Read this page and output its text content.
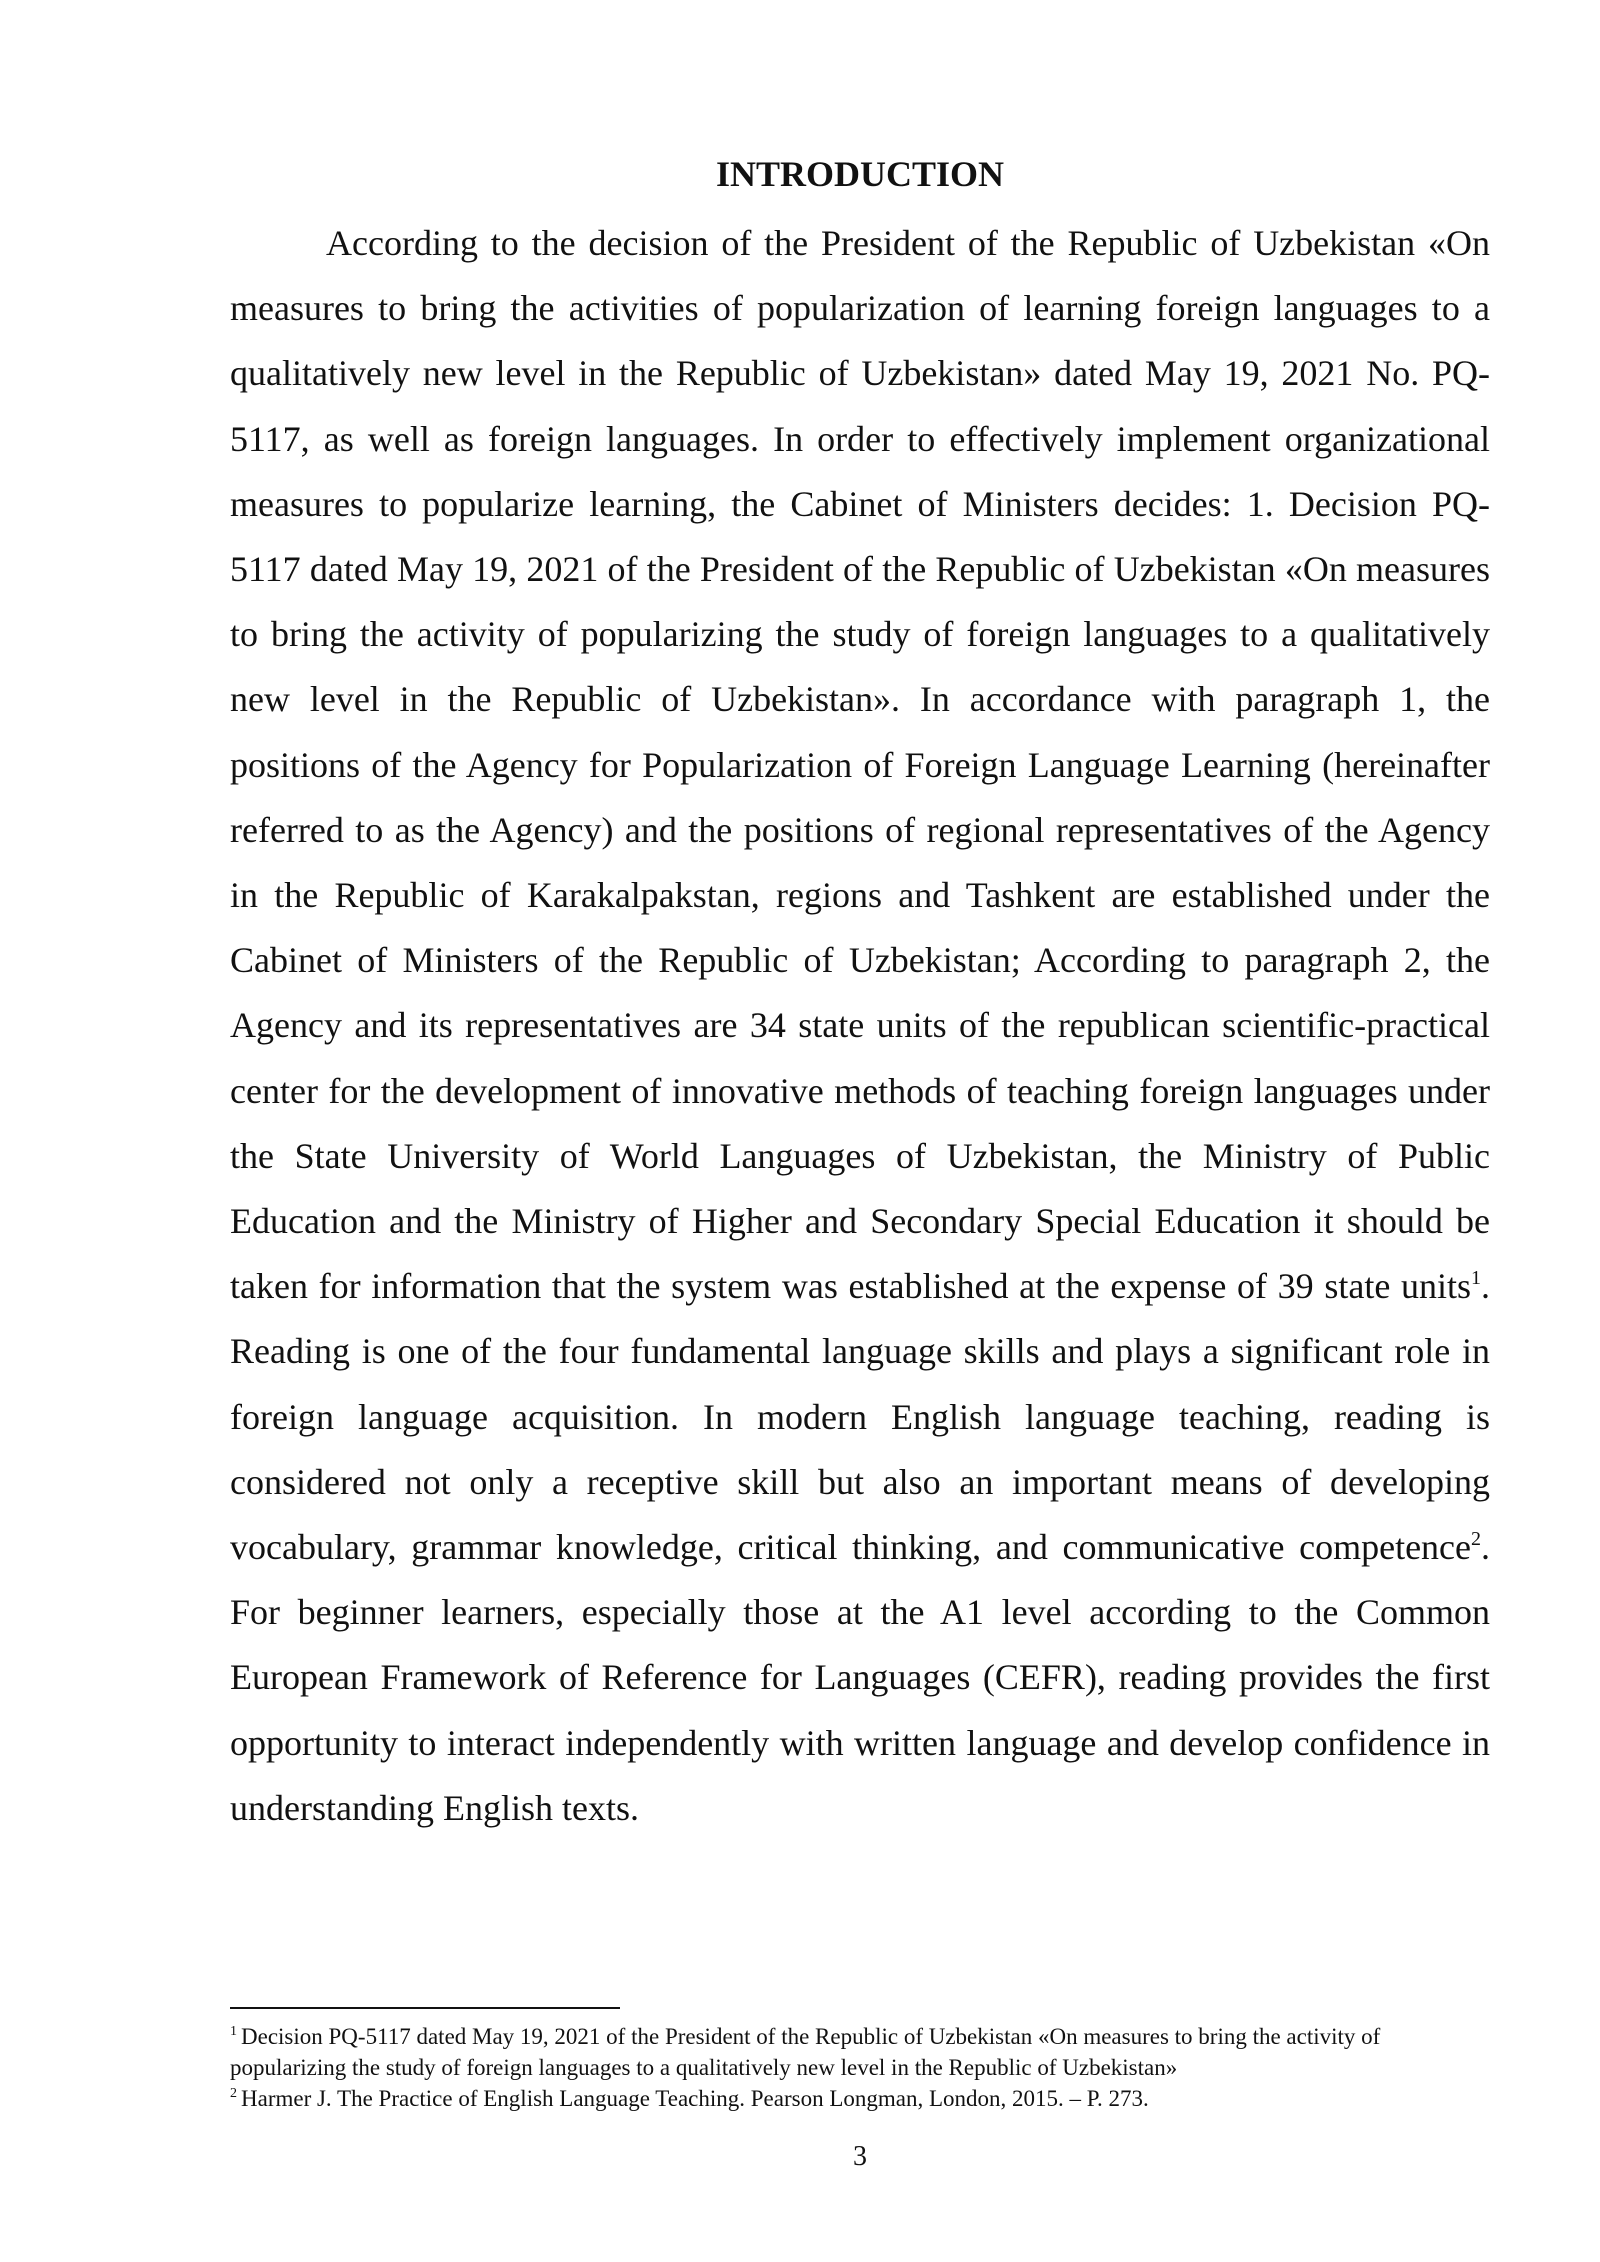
INTRODUCTION

According to the decision of the President of the Republic of Uzbekistan «On measures to bring the activities of popularization of learning foreign languages to a qualitatively new level in the Republic of Uzbekistan» dated May 19, 2021 No. PQ-5117, as well as foreign languages. In order to effectively implement organizational measures to popularize learning, the Cabinet of Ministers decides: 1. Decision PQ-5117 dated May 19, 2021 of the President of the Republic of Uzbekistan «On measures to bring the activity of popularizing the study of foreign languages to a qualitatively new level in the Republic of Uzbekistan». In accordance with paragraph 1, the positions of the Agency for Popularization of Foreign Language Learning (hereinafter referred to as the Agency) and the positions of regional representatives of the Agency in the Republic of Karakalpakstan, regions and Tashkent are established under the Cabinet of Ministers of the Republic of Uzbekistan; According to paragraph 2, the Agency and its representatives are 34 state units of the republican scientific-practical center for the development of innovative methods of teaching foreign languages under the State University of World Languages of Uzbekistan, the Ministry of Public Education and the Ministry of Higher and Secondary Special Education it should be taken for information that the system was established at the expense of 39 state units$^1$. Reading is one of the four fundamental language skills and plays a significant role in foreign language acquisition. In modern English language teaching, reading is considered not only a receptive skill but also an important means of developing vocabulary, grammar knowledge, critical thinking, and communicative competence$^2$. For beginner learners, especially those at the A1 level according to the Common European Framework of Reference for Languages (CEFR), reading provides the first opportunity to interact independently with written language and develop confidence in understanding English texts.

$^1$ Decision PQ-5117 dated May 19, 2021 of the President of the Republic of Uzbekistan «On measures to bring the activity of popularizing the study of foreign languages to a qualitatively new level in the Republic of Uzbekistan»

$^2$ Harmer J. The Practice of English Language Teaching. Pearson Longman, London, 2015. – P. 273.

3
